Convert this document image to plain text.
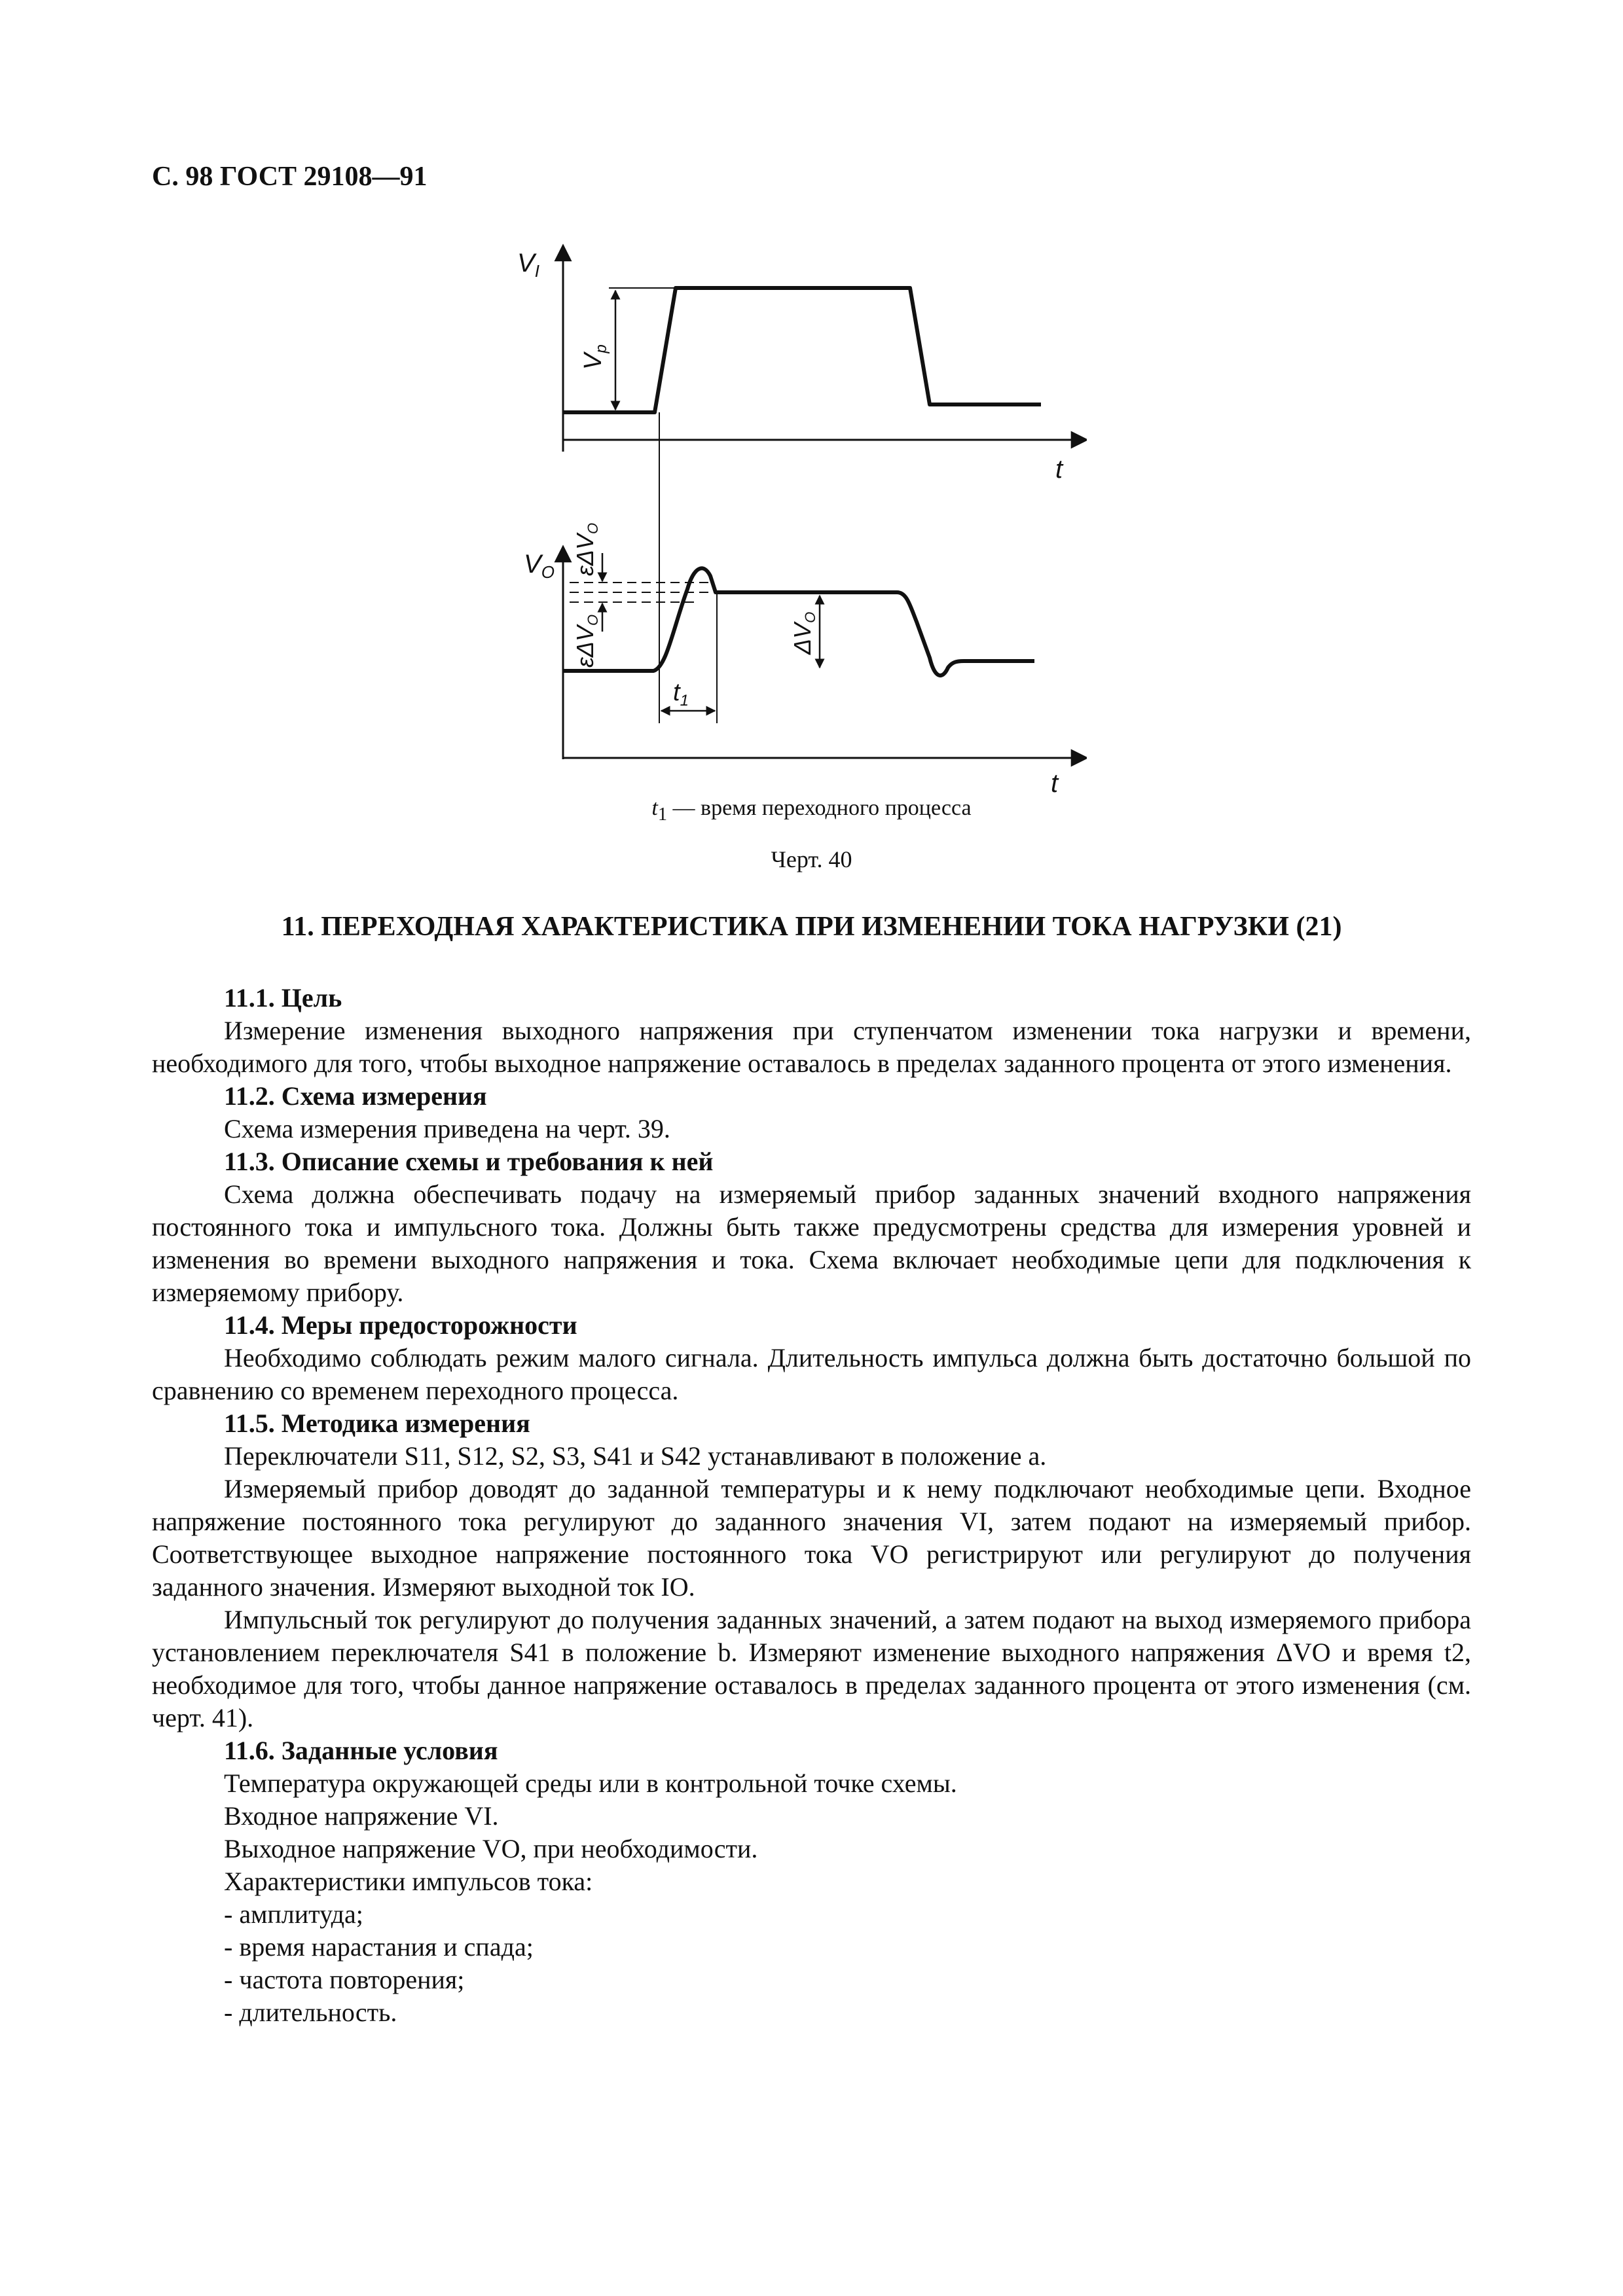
С. 98 ГОСТ 29108—91
$V_I$
t
$V_p$
$V_O$
t
εΔVO
εΔVO
ΔVO
$t_1$
$t_1$ — время переходного процесса
Черт. 40
11. ПЕРЕХОДНАЯ ХАРАКТЕРИСТИКА ПРИ ИЗМЕНЕНИИ ТОКА НАГРУЗКИ (21)

11.1. Цель

Измерение изменения выходного напряжения при ступенчатом изменении тока нагрузки и времени, необходимого для того, чтобы выходное напряжение оставалось в пределах заданного процента от этого изменения.

11.2. Схема измерения

Схема измерения приведена на черт. 39.

11.3. Описание схемы и требования к ней

Схема должна обеспечивать подачу на измеряемый прибор заданных значений входного напряжения постоянного тока и импульсного тока. Должны быть также предусмотрены средства для измерения уровней и изменения во времени выходного напряжения и тока. Схема включает необходимые цепи для подключения к измеряемому прибору.

11.4. Меры предосторожности

Необходимо соблюдать режим малого сигнала. Длительность импульса должна быть достаточно большой по сравнению со временем переходного процесса.

11.5. Методика измерения

Переключатели S11, S12, S2, S3, S41 и S42 устанавливают в положение a.

Измеряемый прибор доводят до заданной температуры и к нему подключают необходимые цепи. Входное напряжение постоянного тока регулируют до заданного значения VI, затем подают на измеряемый прибор. Соответствующее выходное напряжение постоянного тока VO регистрируют или регулируют до получения заданного значения. Измеряют выходной ток IO.

Импульсный ток регулируют до получения заданных значений, а затем подают на выход измеряемого прибора установлением переключателя S41 в положение b. Измеряют изменение выходного напряжения ΔVO и время t2, необходимое для того, чтобы данное напряжение оставалось в пределах заданного процента от этого изменения (см. черт. 41).

11.6. Заданные условия

Температура окружающей среды или в контрольной точке схемы.

Входное напряжение VI.

Выходное напряжение VO, при необходимости.

Характеристики импульсов тока:

- амплитуда;
- время нарастания и спада;
- частота повторения;
- длительность.
